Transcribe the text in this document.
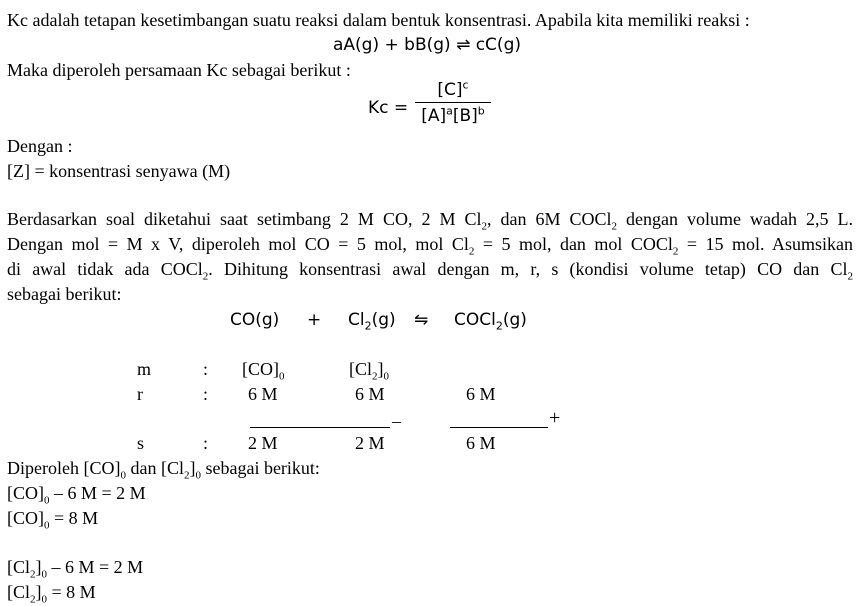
Kc adalah tetapan kesetimbangan suatu reaksi dalam bentuk konsentrasi. Apabila kita memiliki reaksi :
aA(g) + bB(g) ⇌ cC(g)
Maka diperoleh persamaan Kc sebagai berikut :
$Kc = \frac{[C]^c}{[A]^a[B]^b}$
Dengan :
[Z] = konsentrasi senyawa (M)
Berdasarkan soal diketahui saat setimbang 2 M CO, 2 M $Cl_2$, dan 6M COCl$_2$ dengan volume wadah 2,5 L.
Dengan mol = M x V, diperoleh mol CO = 5 mol, mol $Cl_2 = 5$ mol, dan mol COCl$_2$ = 15 mol. Asumsikan
di awal tidak ada COCl$_2$. Dihitung konsentrasi awal dengan m, r, s (kondisi volume tetap) CO dan $Cl_2$
sebagai berikut:
$CO(g) + Cl_2(g)$ ⇋ COCl$_2$(g)
m	: $[CO]_0$	$[Cl_2]_0$
r	: 6 M	6 M	6 M
–	+
s	: 2 M	2 M	6 M
Diperoleh $[CO]_0$ dan $[Cl_2]_0$ sebagai berikut:
$[CO]_0 - 6$ M = 2 M
$[CO]_0 = 8$ M
$[Cl_2]_0 - 6$ M = 2 M
$[Cl_2]_0 = 8$ M
